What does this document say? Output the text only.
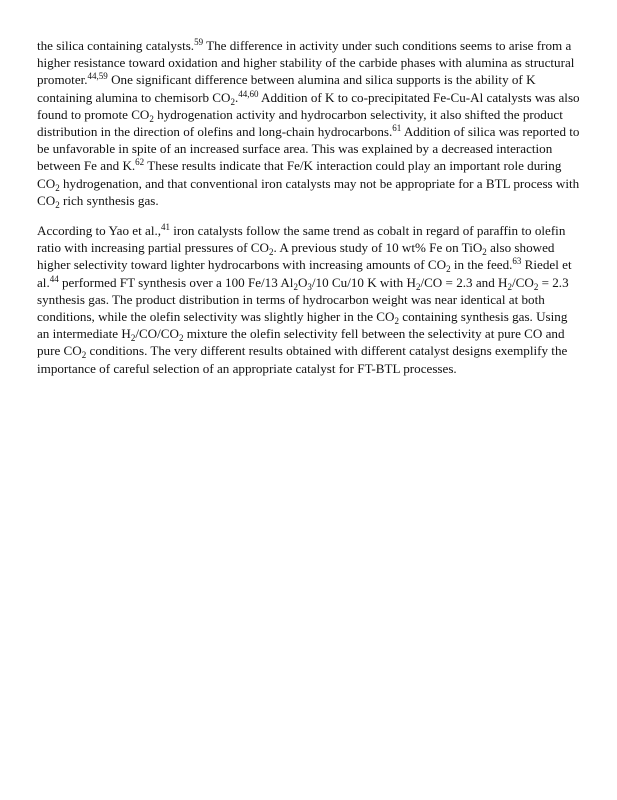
the silica containing catalysts.$^{59}$ The difference in activity under such conditions seems to arise from a higher resistance toward oxidation and higher stability of the carbide phases with alumina as structural promoter.$^{44,59}$ One significant difference between alumina and silica supports is the ability of K containing alumina to chemisorb $CO_2.^{44,60}$ Addition of K to co-precipitated Fe-Cu-Al catalysts was also found to promote $CO_2$ hydrogenation activity and hydrocarbon selectivity, it also shifted the product distribution in the direction of olefins and long-chain hydrocarbons.$^{61}$ Addition of silica was reported to be unfavorable in spite of an increased surface area. This was explained by a decreased interaction between Fe and K.$^{62}$ These results indicate that Fe/K interaction could play an important role during $CO_2$ hydrogenation, and that conventional iron catalysts may not be appropriate for a BTL process with $CO_2$ rich synthesis gas.

According to Yao et al.,$^{41}$ iron catalysts follow the same trend as cobalt in regard of paraffin to olefin ratio with increasing partial pressures of $CO_2$. A previous study of 10 wt% Fe on TiO$_2$ also showed higher selectivity toward lighter hydrocarbons with increasing amounts of $CO_2$ in the feed.$^{63}$ Riedel et al.$^{44}$ performed FT synthesis over a 100 Fe/13 $Al_2O_3/10$ Cu/10 K with $H_2/CO = 2.3$ and $H_2/CO_2 = 2.3$ synthesis gas. The product distribution in terms of hydrocarbon weight was near identical at both conditions, while the olefin selectivity was slightly higher in the $CO_2$ containing synthesis gas. Using an intermediate $H_2/CO/CO_2$ mixture the olefin selectivity fell between the selectivity at pure CO and pure $CO_2$ conditions. The very different results obtained with different catalyst designs exemplify the importance of careful selection of an appropriate catalyst for FT-BTL processes.
